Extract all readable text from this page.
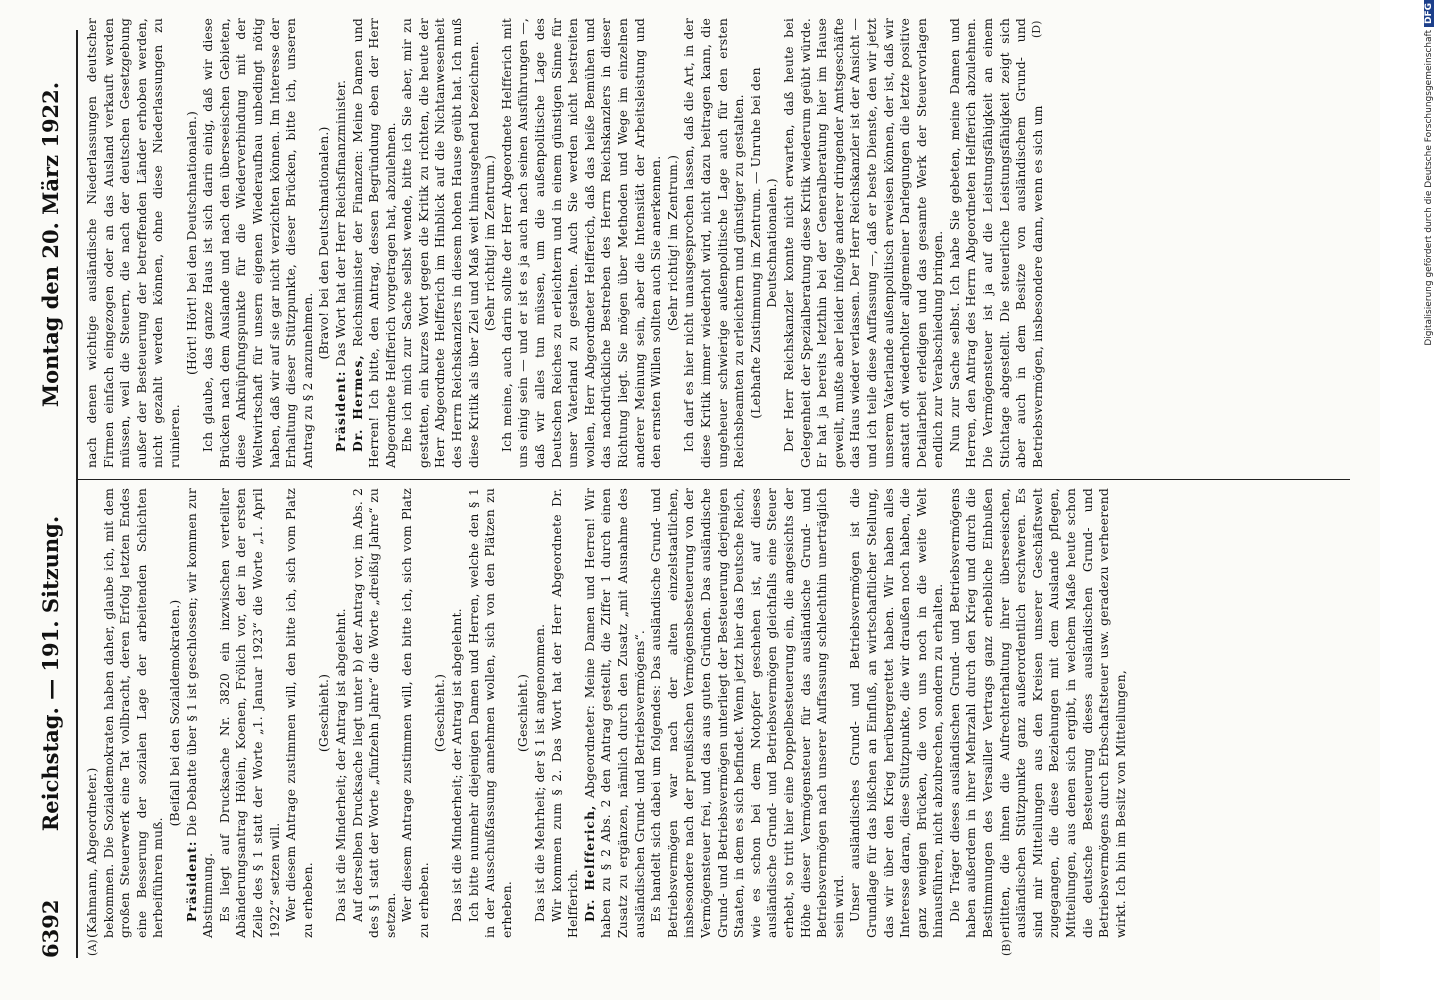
6392
Reichstag. — 191. Sitzung.
Montag den 20. März 1922.
(A)	(B)
(D)

(Kahmann, Abgeordneter.) bekommen. Die Sozialdemokraten haben daher, glaube ich, mit dem großen Steuerwerk eine Tat vollbracht, deren Erfolg letzten Endes eine Besserung der sozialen Lage der arbeitenden Schichten herbeiführen muß.

(Beifall bei den Sozialdemokraten.)

Präsident: Die Debatte über § 1 ist geschlossen; wir kommen zur Abstimmung. Es liegt auf Drucksache Nr. 3820 ein inzwischen verteilter Abänderungsantrag Hölein, Koenen, Frölich vor, der in der ersten Zeile des § 1 statt der Worte „1. Januar 1923“ die Worte „1. April 1922“ setzen will. Wer diesem Antrage zustimmen will, den bitte ich, sich vom Platz zu erheben.

(Geschieht.) Das ist die Minderheit; der Antrag ist abgelehnt. Auf derselben Drucksache liegt unter b) der Antrag vor, im Abs. 2 des § 1 statt der Worte „fünfzehn Jahre“ die Worte „dreißig Jahre“ zu setzen. Wer diesem Antrage zustimmen will, den bitte ich, sich vom Platz zu erheben.

(Geschieht.) Das ist die Minderheit; der Antrag ist abgelehnt. Ich bitte nunmehr diejenigen Damen und Herren, welche den § 1 in der Ausschußfassung annehmen wollen, sich von den Plätzen zu erheben.

(Geschieht.) Das ist die Mehrheit; der § 1 ist angenommen. Wir kommen zum § 2. Das Wort hat der Herr Abgeordnete Dr. Helfferich. Dr. Helfferich, Abgeordneter: Meine Damen und Herren! Wir haben zu § 2 Abs. 2 den Antrag gestellt, die Ziffer 1 durch einen Zusatz zu ergänzen, nämlich durch den Zusatz „mit Ausnahme des ausländischen Grund- und Betriebsvermögens“. Es handelt sich dabei um folgendes: Das ausländische Grund- und Betriebsvermögen war nach der alten einzelstaatlichen, insbesondere nach der preußischen Vermögensbesteuerung von der Vermögensteuer frei, und das aus guten Gründen. Das ausländische Grund- und Betriebsvermögen unterliegt der Besteuerung derjenigen Staaten, in dem es sich befindet. Wenn jetzt hier das Deutsche Reich, wie es schon bei dem Notopfer geschehen ist, auf dieses ausländische Grund- und Betriebsvermögen gleichfalls eine Steuer erhebt, so tritt hier eine Doppelbesteuerung ein, die angesichts der Höhe dieser Vermögensteuer für das ausländische Grund- und Betriebsvermögen nach unserer Auffassung schlechthin unerträglich sein wird. Unser ausländisches Grund- und Betriebsvermögen ist die Grundlage für das bißchen an Einfluß, an wirtschaftlicher Stellung, das wir über den Krieg herübergerettet haben. Wir haben alles Interesse daran, diese Stützpunkte, die wir draußen noch haben, die ganz wenigen Brücken, die von uns noch in die weite Welt hinausführen, nicht abzubrechen, sondern zu erhalten. Die Träger dieses ausländischen Grund- und Betriebsvermögens haben außerdem in ihrer Mehrzahl durch den Krieg und durch die Bestimmungen des Versailler Vertrags ganz erhebliche Einbußen erlitten, die ihnen die Aufrechterhaltung ihrer überseeischen, ausländischen Stützpunkte ganz außerordentlich erschweren. Es sind mir Mitteilungen aus den Kreisen unserer Geschäftswelt zugegangen, die diese Beziehungen mit dem Auslande pflegen, Mitteilungen, aus denen sich ergibt, in welchem Maße heute schon die deutsche Besteuerung dieses ausländischen Grund- und Betriebsvermögens durch Erbschaftsteuer usw. geradezu verheerend wirkt. Ich bin im Besitz von Mitteilungen,

nach denen wichtige ausländische Niederlassungen deutscher Firmen einfach eingezogen oder an das Ausland verkauft werden müssen, weil die Steuern, die nach der deutschen Gesetzgebung außer der Besteuerung der betreffenden Länder erhoben werden, nicht gezahlt werden können, ohne diese Niederlassungen zu ruinieren.

(Hört! Hört! bei den Deutschnationalen.) Ich glaube, das ganze Haus ist sich darin einig, daß wir diese Brücken nach dem Auslande und nach den überseeischen Gebieten, diese Anknüpfungspunkte für die Wiederverbindung mit der Weltwirtschaft für unsern eigenen Wiederaufbau unbedingt nötig haben, daß wir auf sie gar nicht verzichten können. Im Interesse der Erhaltung dieser Stützpunkte, dieser Brücken, bitte ich, unseren Antrag zu § 2 anzunehmen.

(Bravo! bei den Deutschnationalen.)

Präsident: Das Wort hat der Herr Reichsfinanzminister.

Dr. Hermes, Reichsminister der Finanzen: Meine Damen und Herren! Ich bitte, den Antrag, dessen Begründung eben der Herr Abgeordnete Helfferich vorgetragen hat, abzulehnen. Ehe ich mich zur Sache selbst wende, bitte ich Sie aber, mir zu gestatten, ein kurzes Wort gegen die Kritik zu richten, die heute der Herr Abgeordnete Helfferich im Hinblick auf die Nichtanwesenheit des Herrn Reichskanzlers in diesem hohen Hause geübt hat. Ich muß diese Kritik als über Ziel und Maß weit hinausgehend bezeichnen. (Sehr richtig! im Zentrum.) Ich meine, auch darin sollte der Herr Abgeordnete Helfferich mit uns einig sein — und er ist es ja auch nach seinen Ausführungen —, daß wir alles tun müssen, um die außenpolitische Lage des Deutschen Reiches zu erleichtern und in einem günstigen Sinne für unser Vaterland zu gestalten. Auch Sie werden nicht bestreiten wollen, Herr Abgeordneter Helfferich, daß das heiße Bemühen und das nachdrückliche Bestreben des Herrn Reichskanzlers in dieser Richtung liegt. Sie mögen über Methoden und Wege im einzelnen anderer Meinung sein, aber die Intensität der Arbeitsleistung und den ernsten Willen sollten auch Sie anerkennen. (Sehr richtig! im Zentrum.) Ich darf es hier nicht unausgesprochen lassen, daß die Art, in der diese Kritik immer wiederholt wird, nicht dazu beitragen kann, die ungeheuer schwierige außenpolitische Lage auch für den ersten Reichsbeamten zu erleichtern und günstiger zu gestalten. (Lebhafte Zustimmung im Zentrum. — Unruhe bei den Deutschnationalen.) Der Herr Reichskanzler konnte nicht erwarten, daß heute bei Gelegenheit der Spezialberatung diese Kritik wiederum geübt würde. Er hat ja bereits letzthin bei der Generalberatung hier im Hause geweilt, mußte aber leider infolge anderer dringender Amtsgeschäfte das Haus wieder verlassen. Der Herr Reichskanzler ist der Ansicht — und ich teile diese Auffassung —, daß er beste Dienste, den wir jetzt unserem Vaterlande außenpolitisch erweisen können, der ist, daß wir anstatt oft wiederholter allgemeiner Darlegungen die letzte positive Detailarbeit erledigen und das gesamte Werk der Steuervorlagen endlich zur Verabschiedung bringen. Nun zur Sache selbst. Ich habe Sie gebeten, meine Damen und Herren, den Antrag des Herrn Abgeordneten Helfferich abzulehnen. Die Vermögensteuer ist ja auf die Leistungsfähigkeit an einem Stichtage abgestellt. Die steuerliche Leistungsfähigkeit zeigt sich aber auch in dem Besitze von ausländischem Grund- und Betriebsvermögen, insbesondere dann, wenn es sich um	Digitalisierung gefördert durch die Deutsche Forschungsgemeinschaft DFG
